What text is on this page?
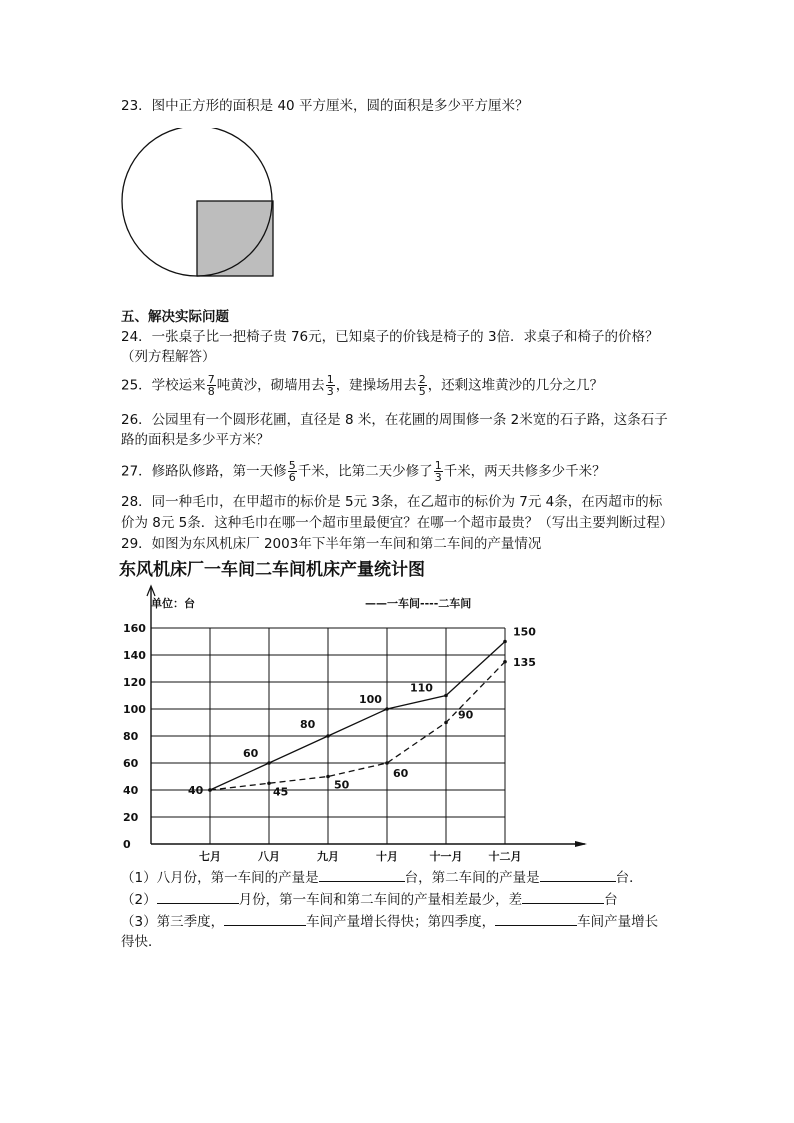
23．图中正方形的面积是 40 平方厘米，圆的面积是多少平方厘米？
五、解决实际问题
24．一张桌子比一把椅子贵 76元，已知桌子的价钱是椅子的 3倍．求桌子和椅子的价格？
（列方程解答）
25．学校运来 $\frac{7}{8}$ 吨黄沙，砌墙用去 $\frac{1}{3}$ ，建操场用去 $\frac{2}{5}$ ，还剩这堆黄沙的几分之几？
26．公园里有一个圆形花圃，直径是 8 米，在花圃的周围修一条 2米宽的石子路，这条石子
路的面积是多少平方米？
27．修路队修路，第一天修 $\frac{5}{6}$ 千米，比第二天少修了 $\frac{1}{3}$ 千米，两天共修多少千米？
28．同一种毛巾，在甲超市的标价是 5元 3条，在乙超市的标价为 7元 4条，在丙超市的标
价为 8元 5条．这种毛巾在哪一个超市里最便宜？在哪一个超市最贵？（写出主要判断过程）
29．如图为东风机床厂 2003年下半年第一车间和第二车间的产量情况
东风机床厂一车间二车间机床产量统计图
单位：台	——一车间----二车间
0
20
40
60
80
100
120
140
160
七月	八月	九月	十月	十一月 十二月
40
60
80
100
110
150
45
50
60
90
135
（1）八月份，第一车间的产量是	台，第二车间的产量是	台．
（2）	月份，第一车间和第二车间的产量相差最少，差	台
（3）第三季度，	车间产量增长得快；第四季度，	车间产量增长
得快．
